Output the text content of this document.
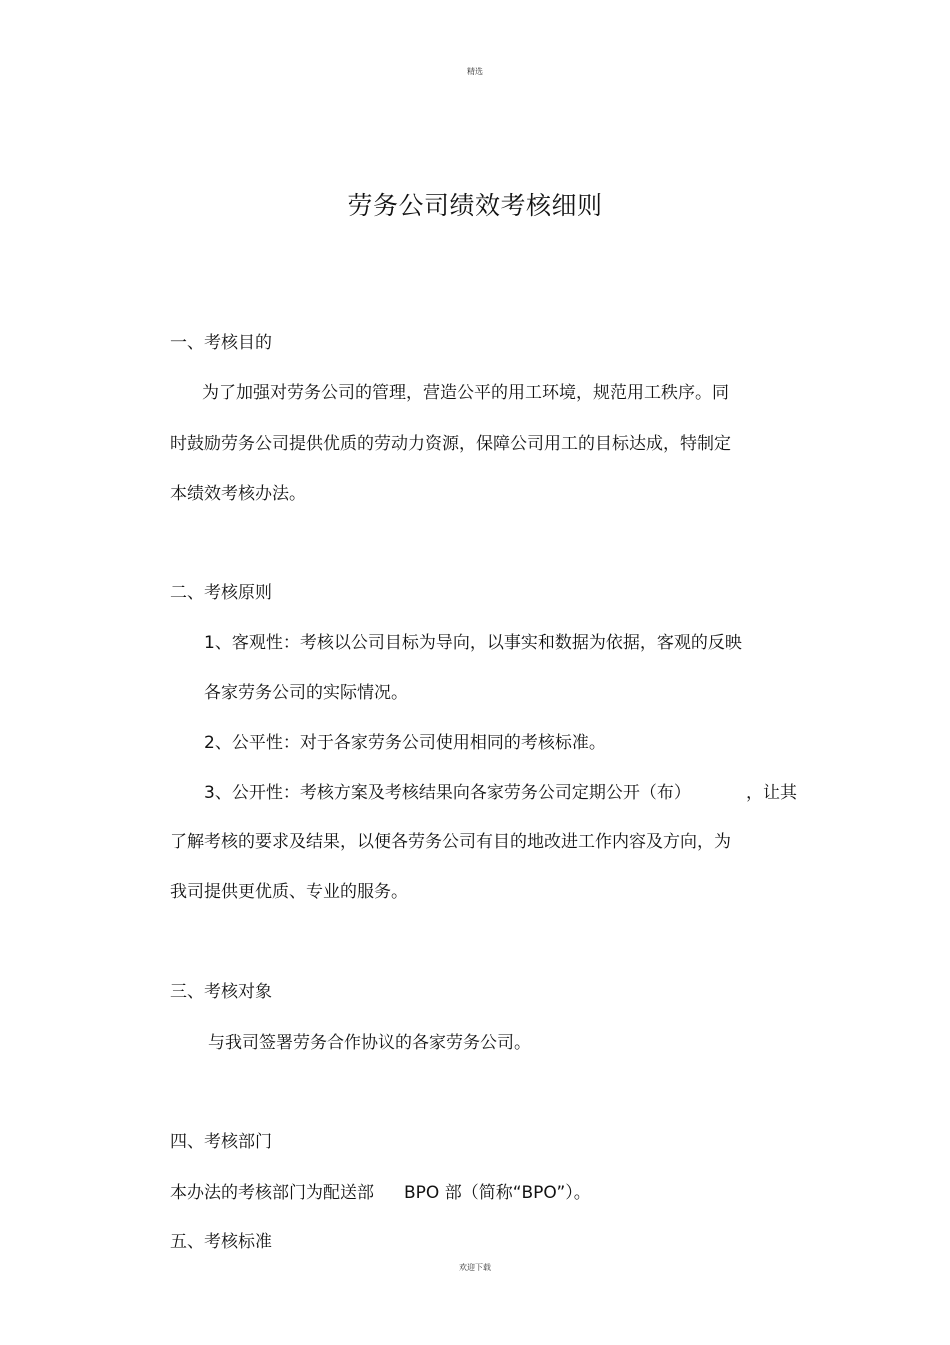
精选
劳务公司绩效考核细则
一、考核目的
为了加强对劳务公司的管理，营造公平的用工环境，规范用工秩序。同
时鼓励劳务公司提供优质的劳动力资源，保障公司用工的目标达成，特制定
本绩效考核办法。
二、考核原则
1、客观性：考核以公司目标为导向，以事实和数据为依据，客观的反映
各家劳务公司的实际情况。
2、公平性：对于各家劳务公司使用相同的考核标准。
3、公开性：考核方案及考核结果向各家劳务公司定期公开（布）	，让其
了解考核的要求及结果，以便各劳务公司有目的地改进工作内容及方向，为
我司提供更优质、专业的服务。
三、考核对象
与我司签署劳务合作协议的各家劳务公司。
四、考核部门
本办法的考核部门为配送部 BPO 部（简称“BPO”）。
五、考核标准
欢迎下载
